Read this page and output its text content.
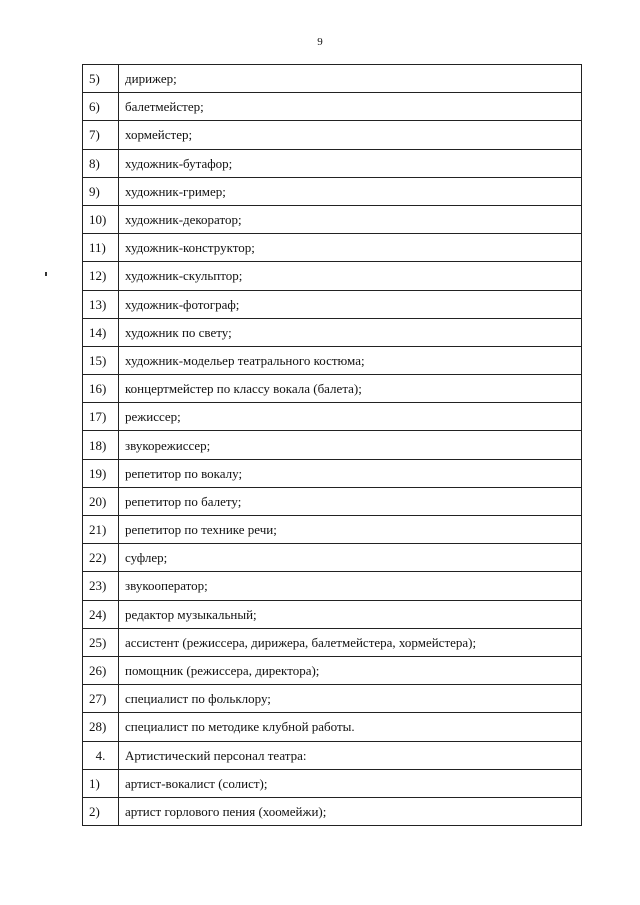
9
5)	дирижер;
6)	балетмейстер;
7)	хормейстер;
8)	художник-бутафор;
9)	художник-гример;
10)	художник-декоратор;
11)	художник-конструктор;
12)	художник-скульптор;
13)	художник-фотограф;
14)	художник по свету;
15)	художник-модельер театрального костюма;
16)	концертмейстер по классу вокала (балета);
17)	режиссер;
18)	звукорежиссер;
19)	репетитор по вокалу;
20)	репетитор по балету;
21)	репетитор по технике речи;
22)	суфлер;
23)	звукооператор;
24)	редактор музыкальный;
25)	ассистент (режиссера, дирижера, балетмейстера, хормейстера);
26)	помощник (режиссера, директора);
27)	специалист по фольклору;
28)	специалист по методике клубной работы.
4.	Артистический персонал театра:
1)	артист-вокалист (солист);
2)	артист горлового пения (хоомейжи);
